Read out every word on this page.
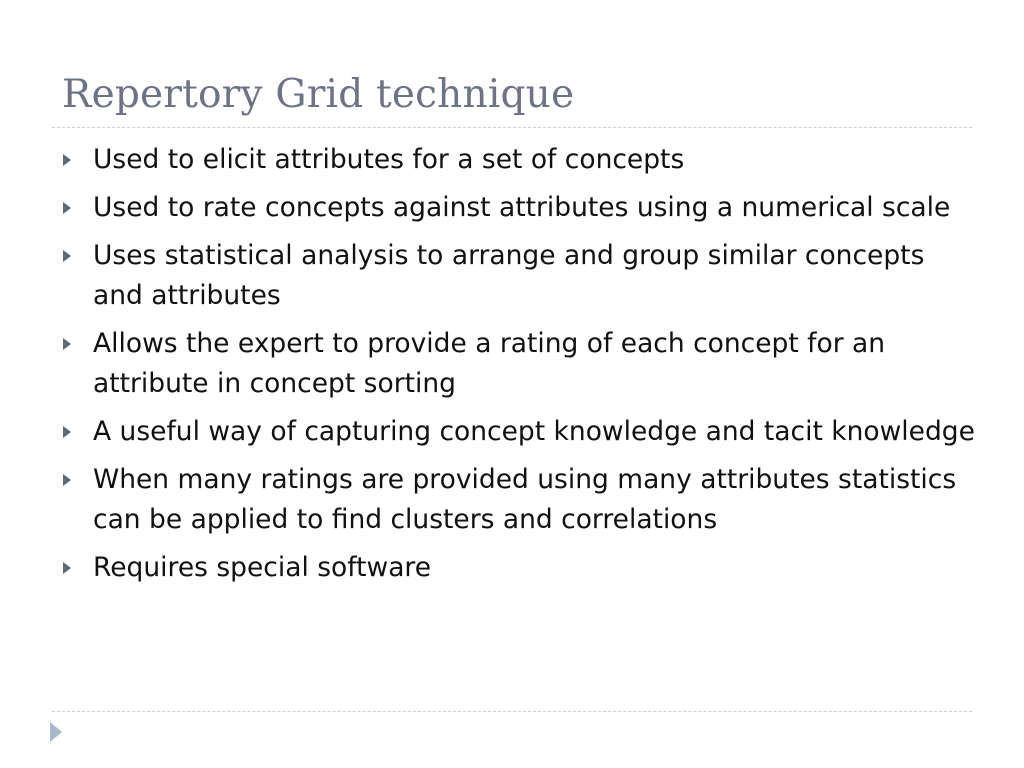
Repertory Grid technique
Used to elicit attributes for a set of concepts
Used to rate concepts against attributes using a numerical scale
Uses statistical analysis to arrange and group similar concepts and attributes
Allows the expert to provide a rating of each concept for an attribute in concept sorting
A useful way of capturing concept knowledge and tacit knowledge
When many ratings are provided using many attributes statistics can be applied to find clusters and correlations
Requires special software
